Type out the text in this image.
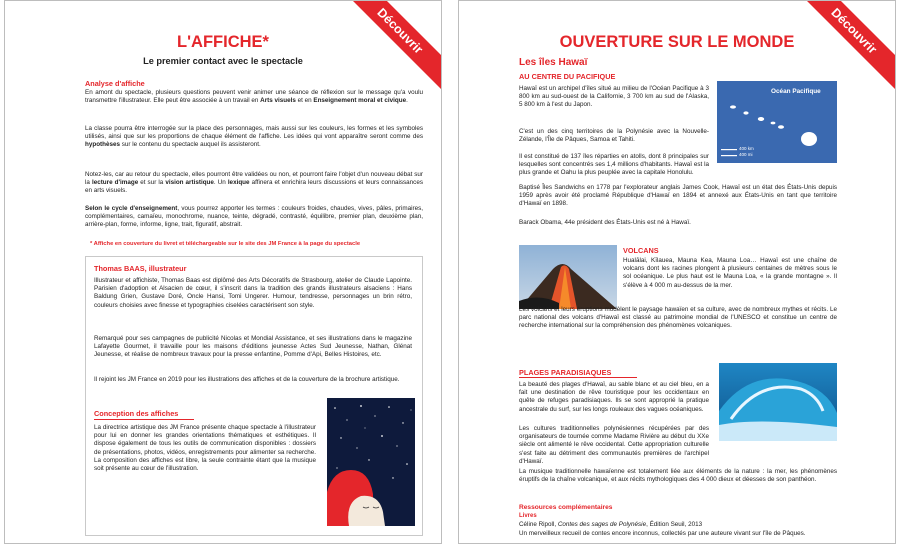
Découvrir
L'AFFICHE*
Le premier contact avec le spectacle
Analyse d'affiche
En amont du spectacle, plusieurs questions peuvent venir animer une séance de réflexion sur le message qu'a voulu transmettre l'illustrateur. Elle peut être associée à un travail en Arts visuels et en Enseignement moral et civique.
La classe pourra être interrogée sur la place des personnages, mais aussi sur les couleurs, les formes et les symboles utilisés, ainsi que sur les proportions de chaque élément de l'affiche. Les idées qui vont apparaître seront comme des hypothèses sur le contenu du spectacle auquel ils assisteront.
Notez-les, car au retour du spectacle, elles pourront être validées ou non, et pourront faire l'objet d'un nouveau débat sur la lecture d'image et sur la vision artistique. Un lexique affinera et enrichira leurs discussions et leurs connaissances en arts visuels.
Selon le cycle d'enseignement, vous pourrez apporter les termes : couleurs froides, chaudes, vives, pâles, primaires, complémentaires, camaïeu, monochrome, nuance, teinte, dégradé, contrasté, équilibre, premier plan, deuxième plan, arrière-plan, forme, informe, ligne, trait, figuratif, abstrait.
* Affiche en couverture du livret et téléchargeable sur le site des JM France à la page du spectacle
Thomas BAAS, illustrateur
Illustrateur et affichiste, Thomas Baas est diplômé des Arts Décoratifs de Strasbourg, atelier de Claude Lapointe. Parisien d'adoption et Alsacien de cœur, il s'inscrit dans la tradition des grands illustrateurs alsaciens : Hans Baldung Grien, Gustave Doré, Oncle Hansi, Tomi Ungerer. Humour, tendresse, personnages un brin rétro, couleurs choisies avec finesse et typographies ciselées caractérisent son style.
Remarqué pour ses campagnes de publicité Nicolas et Mondial Assistance, et ses illustrations dans le magazine Lafayette Gourmet, il travaille pour les maisons d'éditions jeunesse Actes Sud Jeunesse, Nathan, Glénat Jeunesse, et réalise de nombreux travaux pour la presse enfantine, Pomme d'Api, Belles Histoires, etc.
Il rejoint les JM France en 2019 pour les illustrations des affiches et de la couverture de la brochure artistique.
Conception des affiches
La directrice artistique des JM France présente chaque spectacle à l'illustrateur pour lui en donner les grandes orientations thématiques et esthétiques. Il dispose également de tous les outils de communication disponibles : dossiers de présentations, photos, vidéos, enregistrements pour alimenter sa recherche. La composition des affiches est libre, la seule contrainte étant que la musique soit présente au cœur de l'illustration.
Découvrir
OUVERTURE SUR LE MONDE
Les îles Hawaï
AU CENTRE DU PACIFIQUE
Hawaï est un archipel d'îles situé au milieu de l'Océan Pacifique à 3 800 km au sud-ouest de la Californie, 3 700 km au sud de l'Alaska, 5 800 km à l'est du Japon.
C'est un des cinq territoires de la Polynésie avec la Nouvelle-Zélande, l'Île de Pâques, Samoa et Tahiti.
Océan Pacifique
400 km
400 mi
Il est constitué de 137 îles réparties en atolls, dont 8 principales sur lesquelles sont concentrés ses 1,4 millions d'habitants. Hawaï est la plus grande et Oahu la plus peuplée avec la capitale Honolulu.
Baptisé Îles Sandwichs en 1778 par l'explorateur anglais James Cook, Hawaï est un état des États-Unis depuis 1959 après avoir été proclamé République d'Hawaï en 1894 et annexé aux États-Unis en tant que territoire d'Hawaï en 1898.
Barack Obama, 44e président des États-Unis est né à Hawaï.
VOLCANS
Hualālai, Kīlauea, Mauna Kea, Mauna Loa… Hawaï est une chaîne de volcans dont les racines plongent à plusieurs centaines de mètres sous le sol océanique. Le plus haut est le Mauna Loa, « la grande montagne ». Il s'élève à 4 000 m au-dessus de la mer.
Les volcans et leurs éruptions modèlent le paysage hawaïen et sa culture, avec de nombreux mythes et récits. Le parc national des volcans d'Hawaï est classé au patrimoine mondial de l'UNESCO et constitue un centre de recherche international sur la compréhension des phénomènes volcaniques.
PLAGES PARADISIAQUES
La beauté des plages d'Hawaï, au sable blanc et au ciel bleu, en a fait une destination de rêve touristique pour les occidentaux en quête de refuges paradisiaques. Ils se sont approprié la pratique ancestrale du surf, sur les longs rouleaux des vagues océaniques.
Les cultures traditionnelles polynésiennes récupérées par des organisateurs de tournée comme Madame Rivière au début du XXe siècle ont alimenté le rêve occidental. Cette appropriation culturelle s'est faite au détriment des communautés premières de l'archipel d'Hawaï.
La musique traditionnelle hawaïenne est totalement liée aux éléments de la nature : la mer, les phénomènes éruptifs de la chaîne volcanique, et aux récits mythologiques des 4 000 dieux et déesses de son panthéon.
Ressources complémentaires
Livres
Céline Ripoll, Contes des sages de Polynésie, Édition Seuil, 2013
Un merveilleux recueil de contes encore inconnus, collectés par une auteure vivant sur l'île de Pâques.
